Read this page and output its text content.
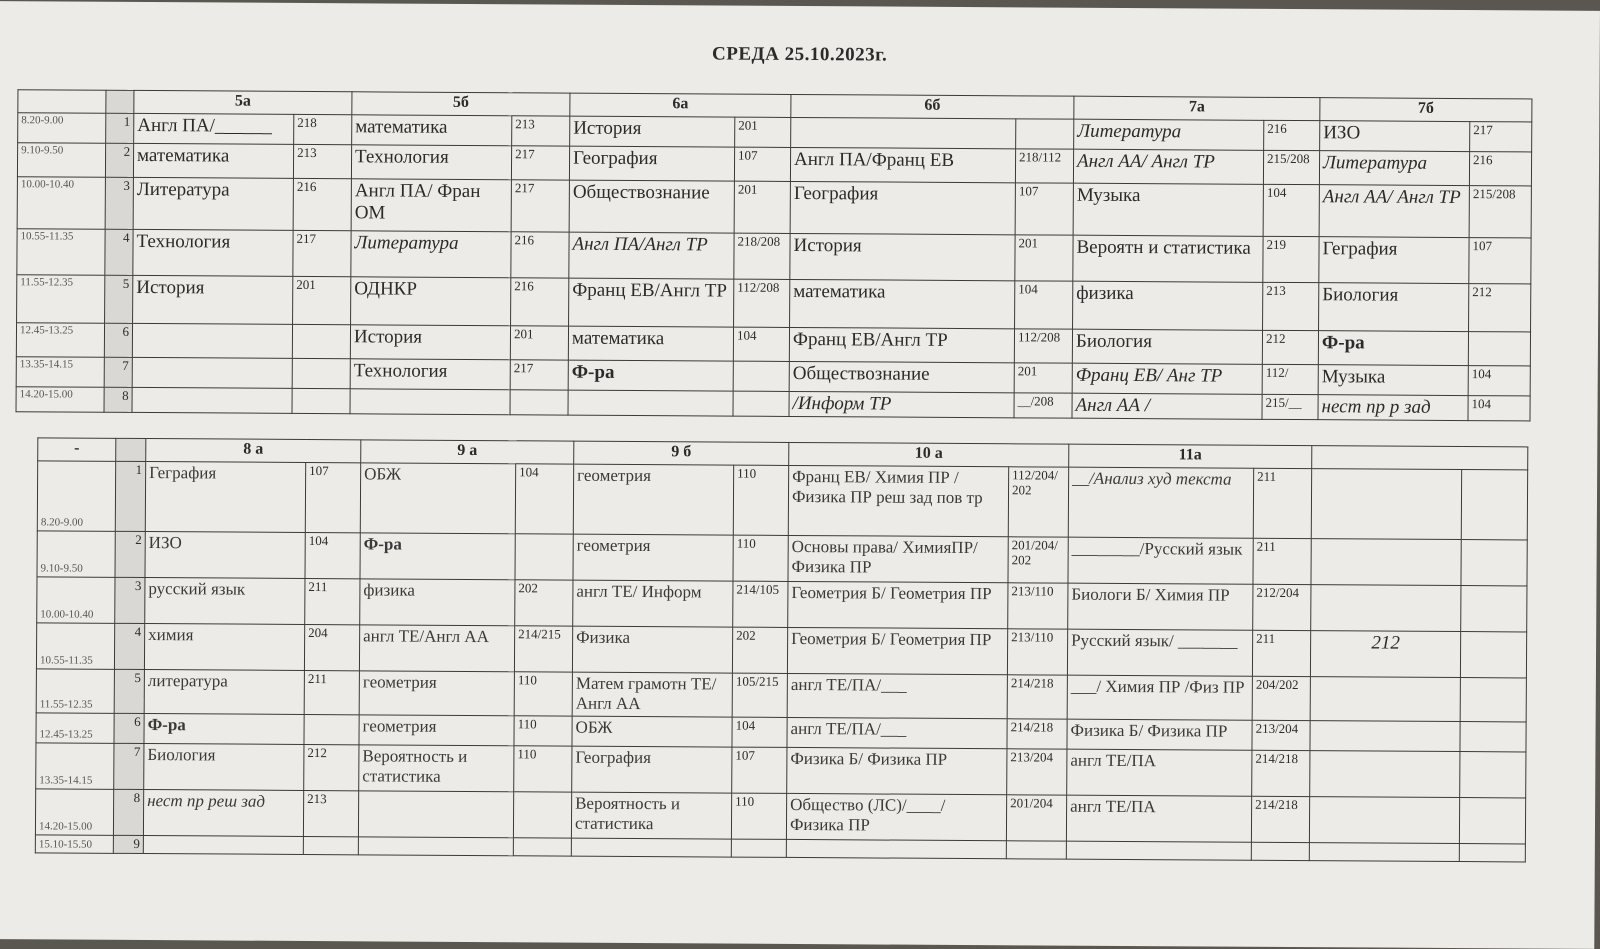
СРЕДА 25.10.2023г.
		5а		5б		6а		6б		7а		7б	
8.20-9.00	1	Англ ПА/______	218	математика	213	История	201			Литература	216	ИЗО	217
9.10-9.50	2	математика	213	Технология	217	География	107	Англ ПА/Франц ЕВ	218/112	Англ АА/ Англ ТР	215/208	Литература	216
10.00-10.40	3	Литература	216	Англ ПА/ Фран ОМ	217	Обществознание	201	География	107	Музыка	104	Англ АА/ Англ ТР	215/208
10.55-11.35	4	Технология	217	Литература	216	Англ ПА/Англ ТР	218/208	История	201	Вероятн и статистика	219	Геграфия	107
11.55-12.35	5	История	201	ОДНКР	216	Франц ЕВ/Англ ТР	112/208	математика	104	физика	213	Биология	212
12.45-13.25	6			История	201	математика	104	Франц ЕВ/Англ ТР	112/208	Биология	212	Ф-ра	
13.35-14.15	7			Технология	217	Ф-ра		Обществознание	201	Франц ЕВ/ Анг ТР	112/	Музыка	104
14.20-15.00	8							/Информ ТР	__/208	Англ АА /	215/__	нест пр р зад	104
-		8 а		9 а		9 б		10 а		11а			
8.20-9.00	1	Геграфия	107	ОБЖ	104	геометрия	110	Франц ЕВ/ Химия ПР / Физика ПР реш зад пов тр	112/204/ 202	__/Анализ худ текста	211		
9.10-9.50	2	ИЗО	104	Ф-ра		геометрия	110	Основы права/ ХимияПР/ Физика ПР	201/204/ 202	________/Русский язык	211		
10.00-10.40	3	русский язык	211	физика	202	англ ТЕ/ Информ	214/105	Геометрия Б/ Геометрия ПР	213/110	Биологи Б/ Химия ПР	212/204		
10.55-11.35	4	химия	204	англ ТЕ/Англ АА	214/215	Физика	202	Геометрия Б/ Геометрия ПР	213/110	Русский язык/ _______	211	212	
11.55-12.35	5	литература	211	геометрия	110	Матем грамотн ТЕ/ Англ АА	105/215	англ ТЕ/ПА/___	214/218	___/ Химия ПР /Физ ПР	204/202		
12.45-13.25	6	Ф-ра		геометрия	110	ОБЖ	104	англ ТЕ/ПА/___	214/218	Физика Б/ Физика ПР	213/204		
13.35-14.15	7	Биология	212	Вероятность и статистика	110	География	107	Физика Б/ Физика ПР	213/204	англ ТЕ/ПА	214/218		
14.20-15.00	8	нест пр реш зад	213			Вероятность и статистика	110	Общество (ЛС)/____/ Физика ПР	201/204	англ ТЕ/ПА	214/218		
15.10-15.50	9												
